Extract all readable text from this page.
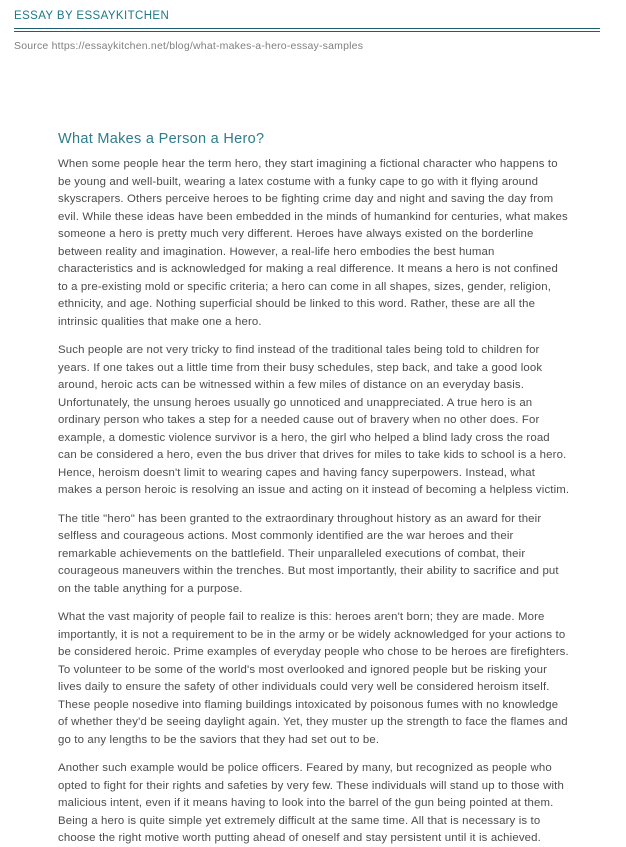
ESSAY BY ESSAYKITCHEN
Source https://essaykitchen.net/blog/what-makes-a-hero-essay-samples
What Makes a Person a Hero?

When some people hear the term hero, they start imagining a fictional character who happens to be young and well-built, wearing a latex costume with a funky cape to go with it flying around skyscrapers. Others perceive heroes to be fighting crime day and night and saving the day from evil. While these ideas have been embedded in the minds of humankind for centuries, what makes someone a hero is pretty much very different. Heroes have always existed on the borderline between reality and imagination. However, a real-life hero embodies the best human characteristics and is acknowledged for making a real difference. It means a hero is not confined to a pre-existing mold or specific criteria; a hero can come in all shapes, sizes, gender, religion, ethnicity, and age. Nothing superficial should be linked to this word. Rather, these are all the intrinsic qualities that make one a hero.

Such people are not very tricky to find instead of the traditional tales being told to children for years. If one takes out a little time from their busy schedules, step back, and take a good look around, heroic acts can be witnessed within a few miles of distance on an everyday basis. Unfortunately, the unsung heroes usually go unnoticed and unappreciated. A true hero is an ordinary person who takes a step for a needed cause out of bravery when no other does. For example, a domestic violence survivor is a hero, the girl who helped a blind lady cross the road can be considered a hero, even the bus driver that drives for miles to take kids to school is a hero. Hence, heroism doesn't limit to wearing capes and having fancy superpowers. Instead, what makes a person heroic is resolving an issue and acting on it instead of becoming a helpless victim.

The title "hero" has been granted to the extraordinary throughout history as an award for their selfless and courageous actions. Most commonly identified are the war heroes and their remarkable achievements on the battlefield. Their unparalleled executions of combat, their courageous maneuvers within the trenches. But most importantly, their ability to sacrifice and put on the table anything for a purpose.

What the vast majority of people fail to realize is this: heroes aren't born; they are made. More importantly, it is not a requirement to be in the army or be widely acknowledged for your actions to be considered heroic. Prime examples of everyday people who chose to be heroes are firefighters. To volunteer to be some of the world's most overlooked and ignored people but be risking your lives daily to ensure the safety of other individuals could very well be considered heroism itself. These people nosedive into flaming buildings intoxicated by poisonous fumes with no knowledge of whether they'd be seeing daylight again. Yet, they muster up the strength to face the flames and go to any lengths to be the saviors that they had set out to be.

Another such example would be police officers. Feared by many, but recognized as people who opted to fight for their rights and safeties by very few. These individuals will stand up to those with malicious intent, even if it means having to look into the barrel of the gun being pointed at them. Being a hero is quite simple yet extremely difficult at the same time. All that is necessary is to choose the right motive worth putting ahead of oneself and stay persistent until it is achieved.
